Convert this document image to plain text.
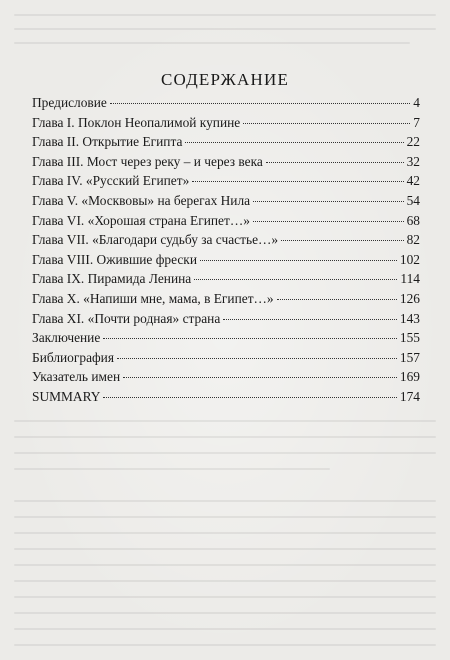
СОДЕРЖАНИЕ
Предисловие	4
Глава I. Поклон Неопалимой купине	7
Глава II. Открытие Египта	22
Глава III. Мост через реку – и через века	32
Глава IV. «Русский Египет»	42
Глава V. «Москвовы» на берегах Нила	54
Глава VI. «Хорошая страна Египет…»	68
Глава VII. «Благодари судьбу за счастье…»	82
Глава VIII. Ожившие фрески	102
Глава IX. Пирамида Ленина	114
Глава X. «Напиши мне, мама, в Египет…»	126
Глава XI. «Почти родная» страна	143
Заключение	155
Библиография	157
Указатель имен	169
SUMMARY	174
